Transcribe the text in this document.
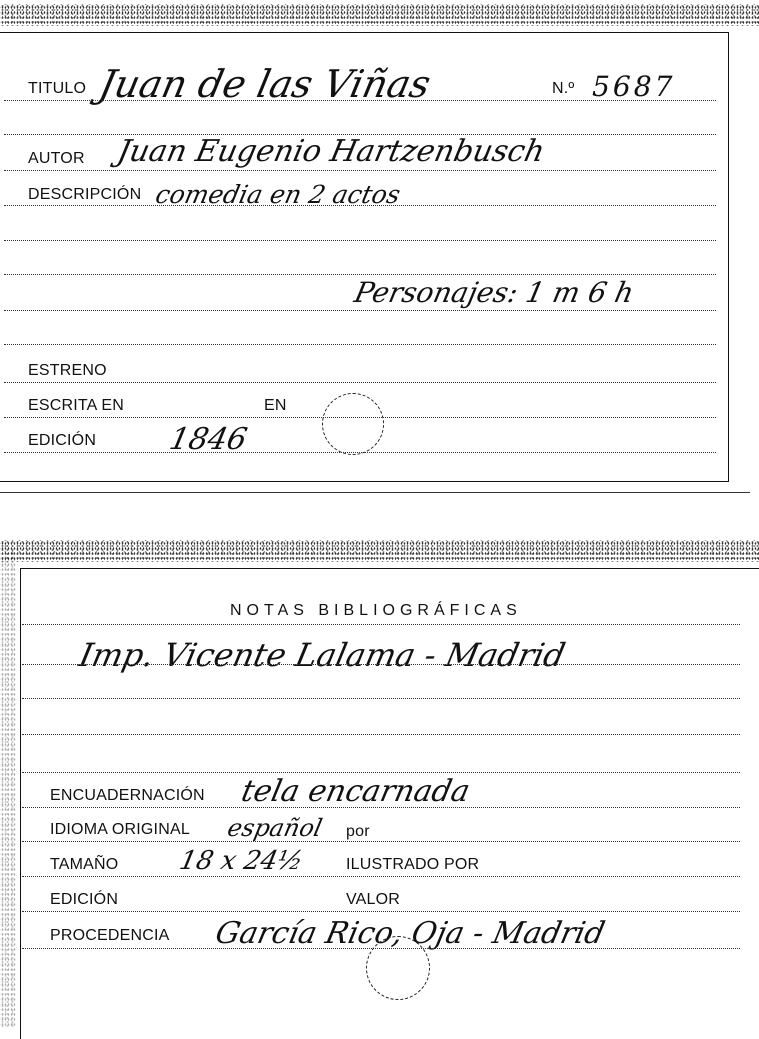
TITULO Juan de las Viñas	N.º 5687
AUTOR Juan Eugenio Hartzenbusch
DESCRIPCIÓN comedia en 2 actos
Personajes: 1 m 6 h
ESTRENO
ESCRITA EN	EN
EDICIÓN 1846
NOTAS BIBLIOGRÁFICAS
Imp. Vicente Lalama - Madrid
ENCUADERNACIÓN tela encarnada
IDIOMA ORIGINAL español por
TAMAÑO 18 x 24½	ILUSTRADO POR
EDICIÓN	VALOR
PROCEDENCIA García Rico, Oja - Madrid
